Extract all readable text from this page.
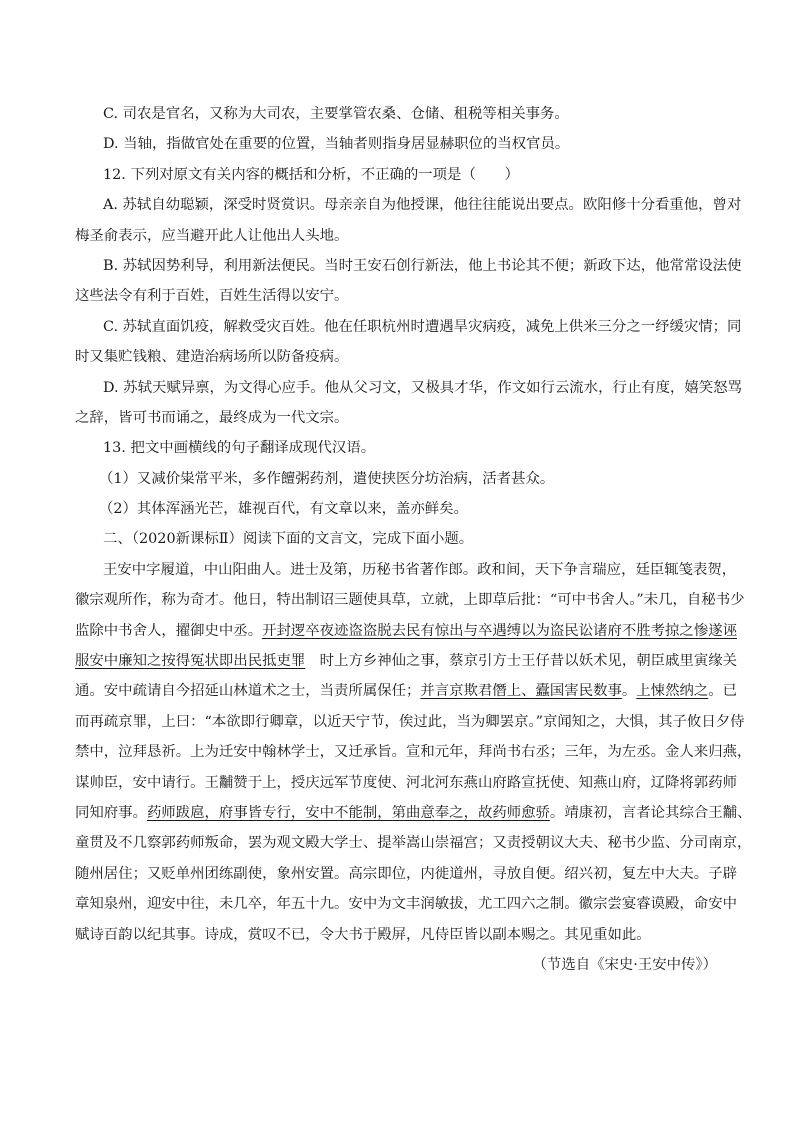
C. 司农是官名，又称为大司农，主要掌管农桑、仓储、租税等相关事务。
D. 当轴，指做官处在重要的位置，当轴者则指身居显赫职位的当权官员。
12. 下列对原文有关内容的概括和分析，不正确的一项是（　　）
A. 苏轼自幼聪颖，深受时贤赏识。母亲亲自为他授课，他往往能说出要点。欧阳修十分看重他，曾对
梅圣俞表示，应当避开此人让他出人头地。
B. 苏轼因势利导，利用新法便民。当时王安石创行新法，他上书论其不便；新政下达，他常常设法使
这些法令有利于百姓，百姓生活得以安宁。
C. 苏轼直面饥疫，解救受灾百姓。他在任职杭州时遭遇旱灾病疫，减免上供米三分之一纾缓灾情；同
时又集贮钱粮、建造治病场所以防备疫病。
D. 苏轼天赋异禀，为文得心应手。他从父习文，又极具才华，作文如行云流水，行止有度，嬉笑怒骂
之辞，皆可书而诵之，最终成为一代文宗。
13. 把文中画横线的句子翻译成现代汉语。
（1）又减价粜常平米，多作饘粥药剂，遣使挟医分坊治病，活者甚众。
（2）其体浑涵光芒，雄视百代，有文章以来，盖亦鲜矣。
二、（2020新课标Ⅱ）阅读下面的文言文，完成下面小题。
王安中字履道，中山阳曲人。进士及第，历秘书省著作郎。政和间，天下争言瑞应，廷臣辄笺表贺，
徽宗观所作，称为奇才。他日，特出制诏三题使具草，立就，上即草后批：“可中书舍人。”未几，自秘书少
监除中书舍人，擢御史中丞。开封逻卒夜迹盗盗脱去民有惊出与卒遇缚以为盗民讼诸府不胜考掠之惨遂诬
服安中廉知之按得冤状即出民抵吏罪　时上方乡神仙之事，蔡京引方士王仔昔以妖术见，朝臣戚里寅缘关
通。安中疏请自今招延山林道术之士，当责所属保任；并言京欺君僭上、蠹国害民数事。上悚然纳之。已
而再疏京罪，上曰：“本欲即行卿章，以近天宁节，俟过此，当为卿罢京。”京闻知之，大惧，其子攸日夕侍
禁中，泣拜恳祈。上为迁安中翰林学士，又迁承旨。宣和元年，拜尚书右丞；三年，为左丞。金人来归燕，
谋帅臣，安中请行。王黼赞于上，授庆远军节度使、河北河东燕山府路宣抚使、知燕山府，辽降将郭药师
同知府事。药师跋扈，府事皆专行，安中不能制，第曲意奉之，故药师愈骄。靖康初，言者论其综合王黼、
童贯及不几察郭药师叛命，罢为观文殿大学士、提举嵩山崇福宫；又责授朝议大夫、秘书少监、分司南京，
随州居住；又贬单州团练副使，象州安置。高宗即位，内徙道州，寻放自便。绍兴初，复左中大夫。子辟
章知泉州，迎安中往，未几卒，年五十九。安中为文丰润敏拔，尤工四六之制。徽宗尝宴睿谟殿，命安中
赋诗百韵以纪其事。诗成，赏叹不已，令大书于殿屏，凡侍臣皆以副本赐之。其见重如此。
（节选自《宋史·王安中传》）
